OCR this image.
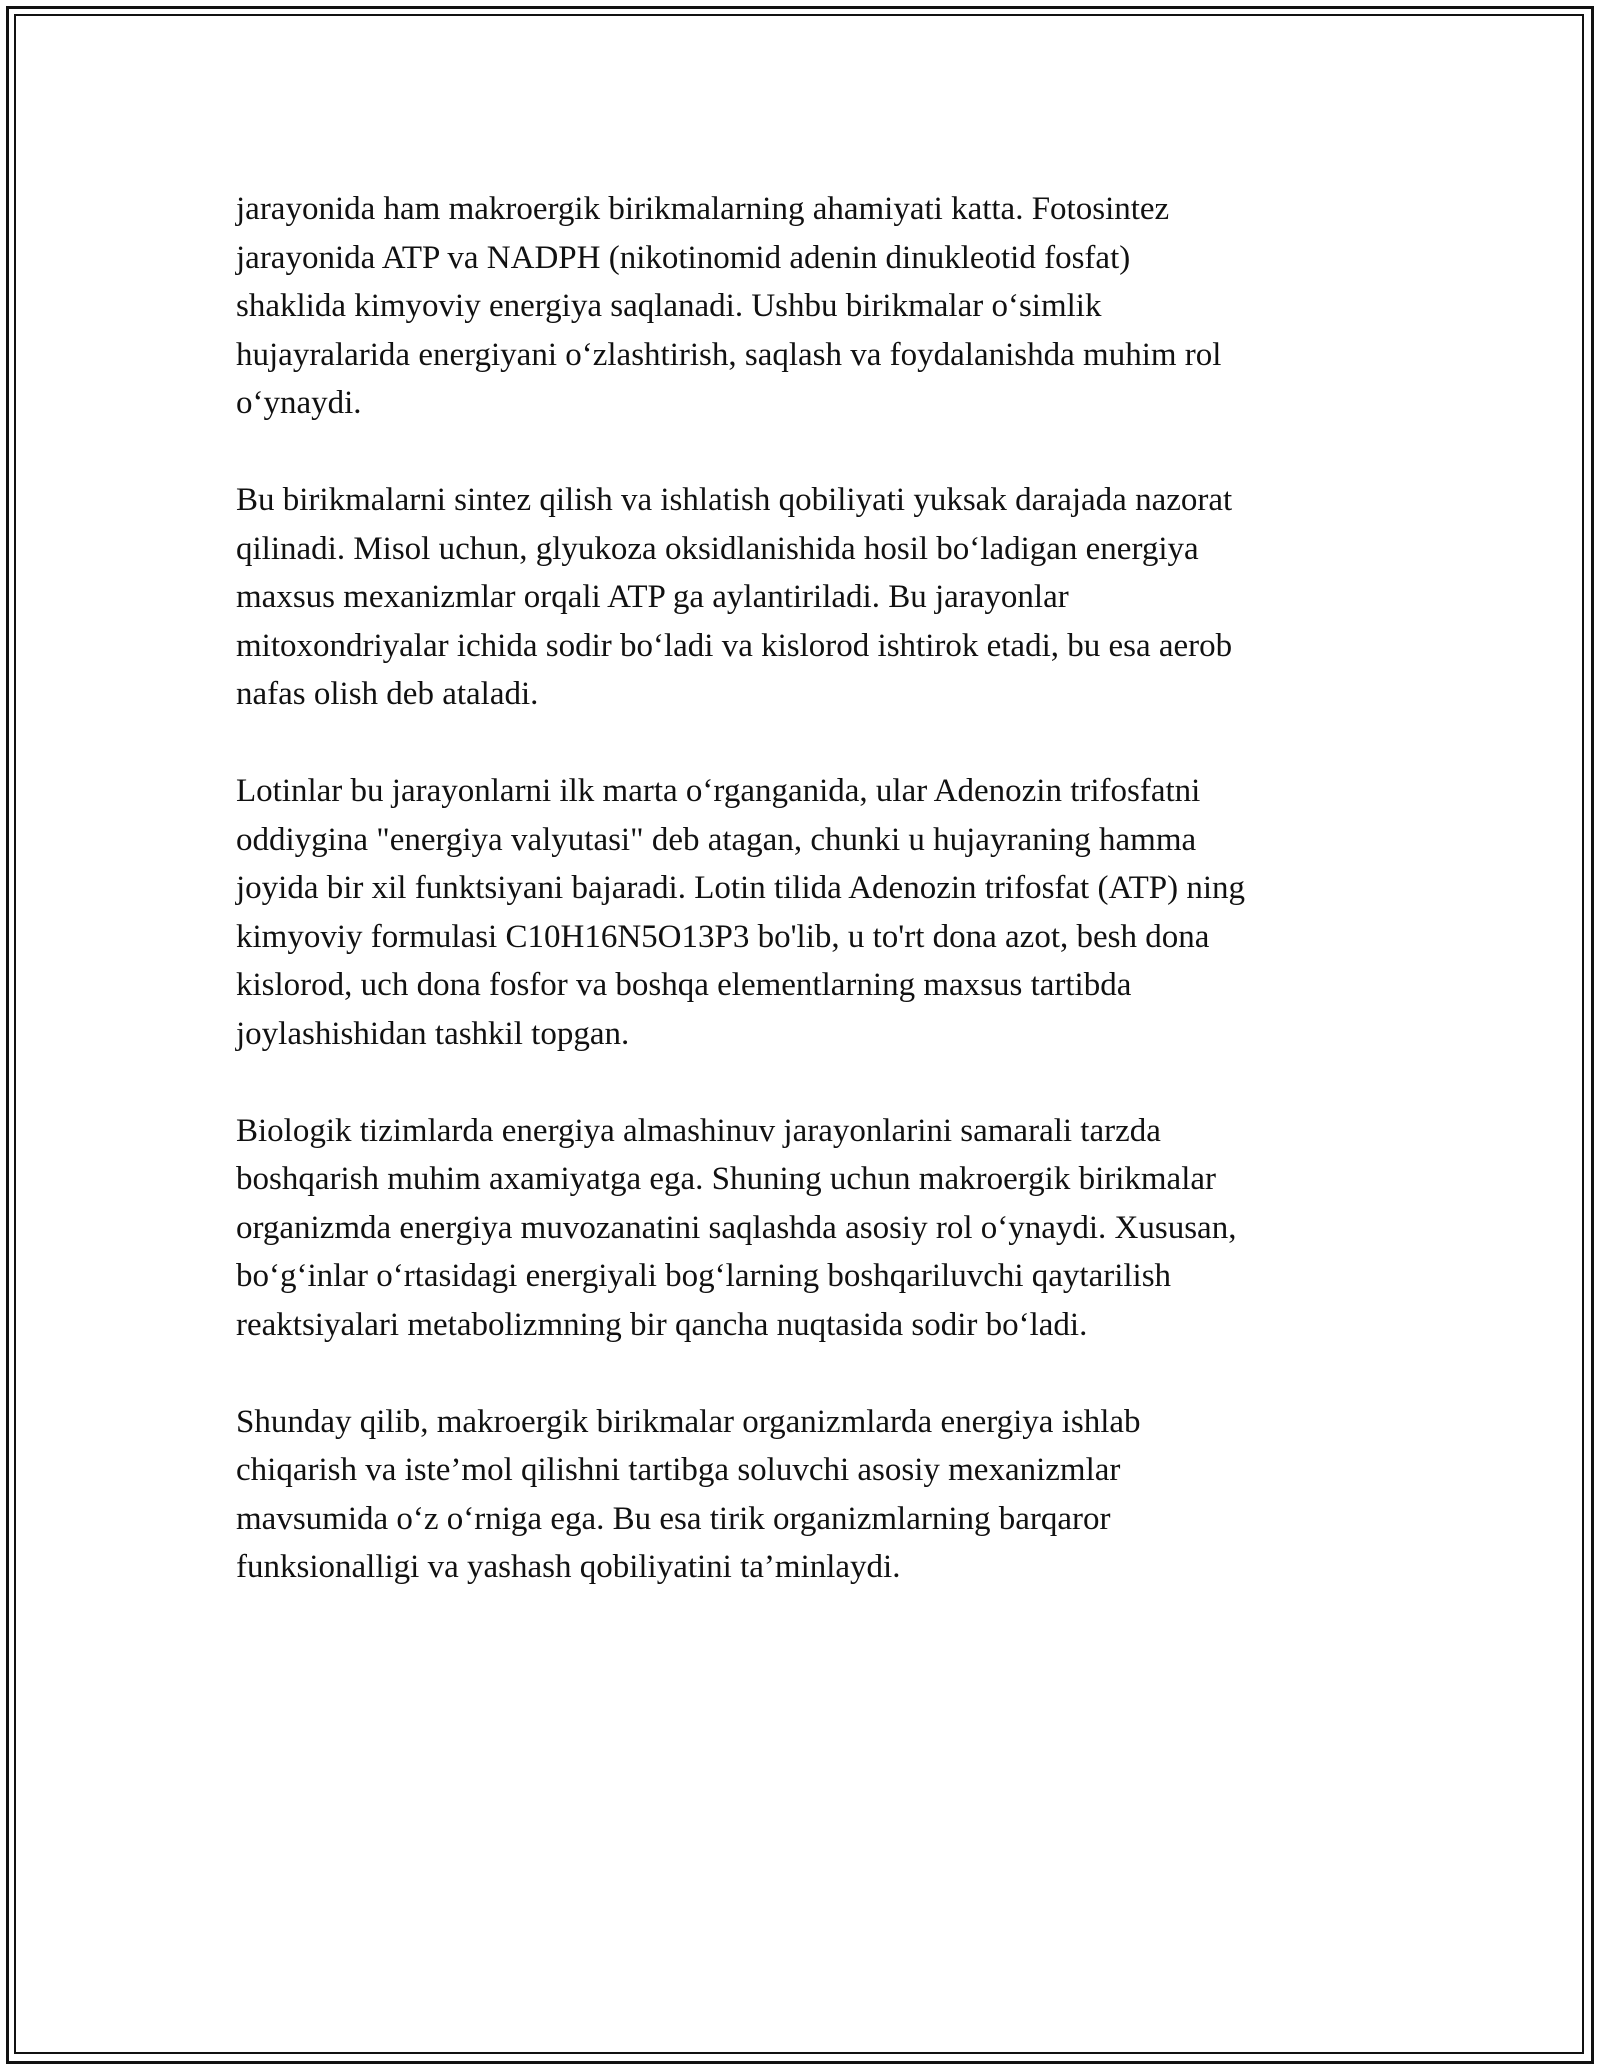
jarayonida ham makroergik birikmalarning ahamiyati katta. Fotosintez
jarayonida ATP va NADPH (nikotinomid adenin dinukleotid fosfat)
shaklida kimyoviy energiya saqlanadi. Ushbu birikmalar o‘simlik
hujayralarida energiyani o‘zlashtirish, saqlash va foydalanishda muhim rol
o‘ynaydi.

Bu birikmalarni sintez qilish va ishlatish qobiliyati yuksak darajada nazorat
qilinadi. Misol uchun, glyukoza oksidlanishida hosil bo‘ladigan energiya
maxsus mexanizmlar orqali ATP ga aylantiriladi. Bu jarayonlar
mitoxondriyalar ichida sodir bo‘ladi va kislorod ishtirok etadi, bu esa aerob
nafas olish deb ataladi.

Lotinlar bu jarayonlarni ilk marta o‘rganganida, ular Adenozin trifosfatni
oddiygina "energiya valyutasi" deb atagan, chunki u hujayraning hamma
joyida bir xil funktsiyani bajaradi. Lotin tilida Adenozin trifosfat (ATP) ning
kimyoviy formulasi C10H16N5O13P3 bo'lib, u to'rt dona azot, besh dona
kislorod, uch dona fosfor va boshqa elementlarning maxsus tartibda
joylashishidan tashkil topgan.

Biologik tizimlarda energiya almashinuv jarayonlarini samarali tarzda
boshqarish muhim axamiyatga ega. Shuning uchun makroergik birikmalar
organizmda energiya muvozanatini saqlashda asosiy rol o‘ynaydi. Xususan,
bo‘g‘inlar o‘rtasidagi energiyali bog‘larning boshqariluvchi qaytarilish
reaktsiyalari metabolizmning bir qancha nuqtasida sodir bo‘ladi.

Shunday qilib, makroergik birikmalar organizmlarda energiya ishlab
chiqarish va iste’mol qilishni tartibga soluvchi asosiy mexanizmlar
mavsumida o‘z o‘rniga ega. Bu esa tirik organizmlarning barqaror
funksionalligi va yashash qobiliyatini ta’minlaydi.
